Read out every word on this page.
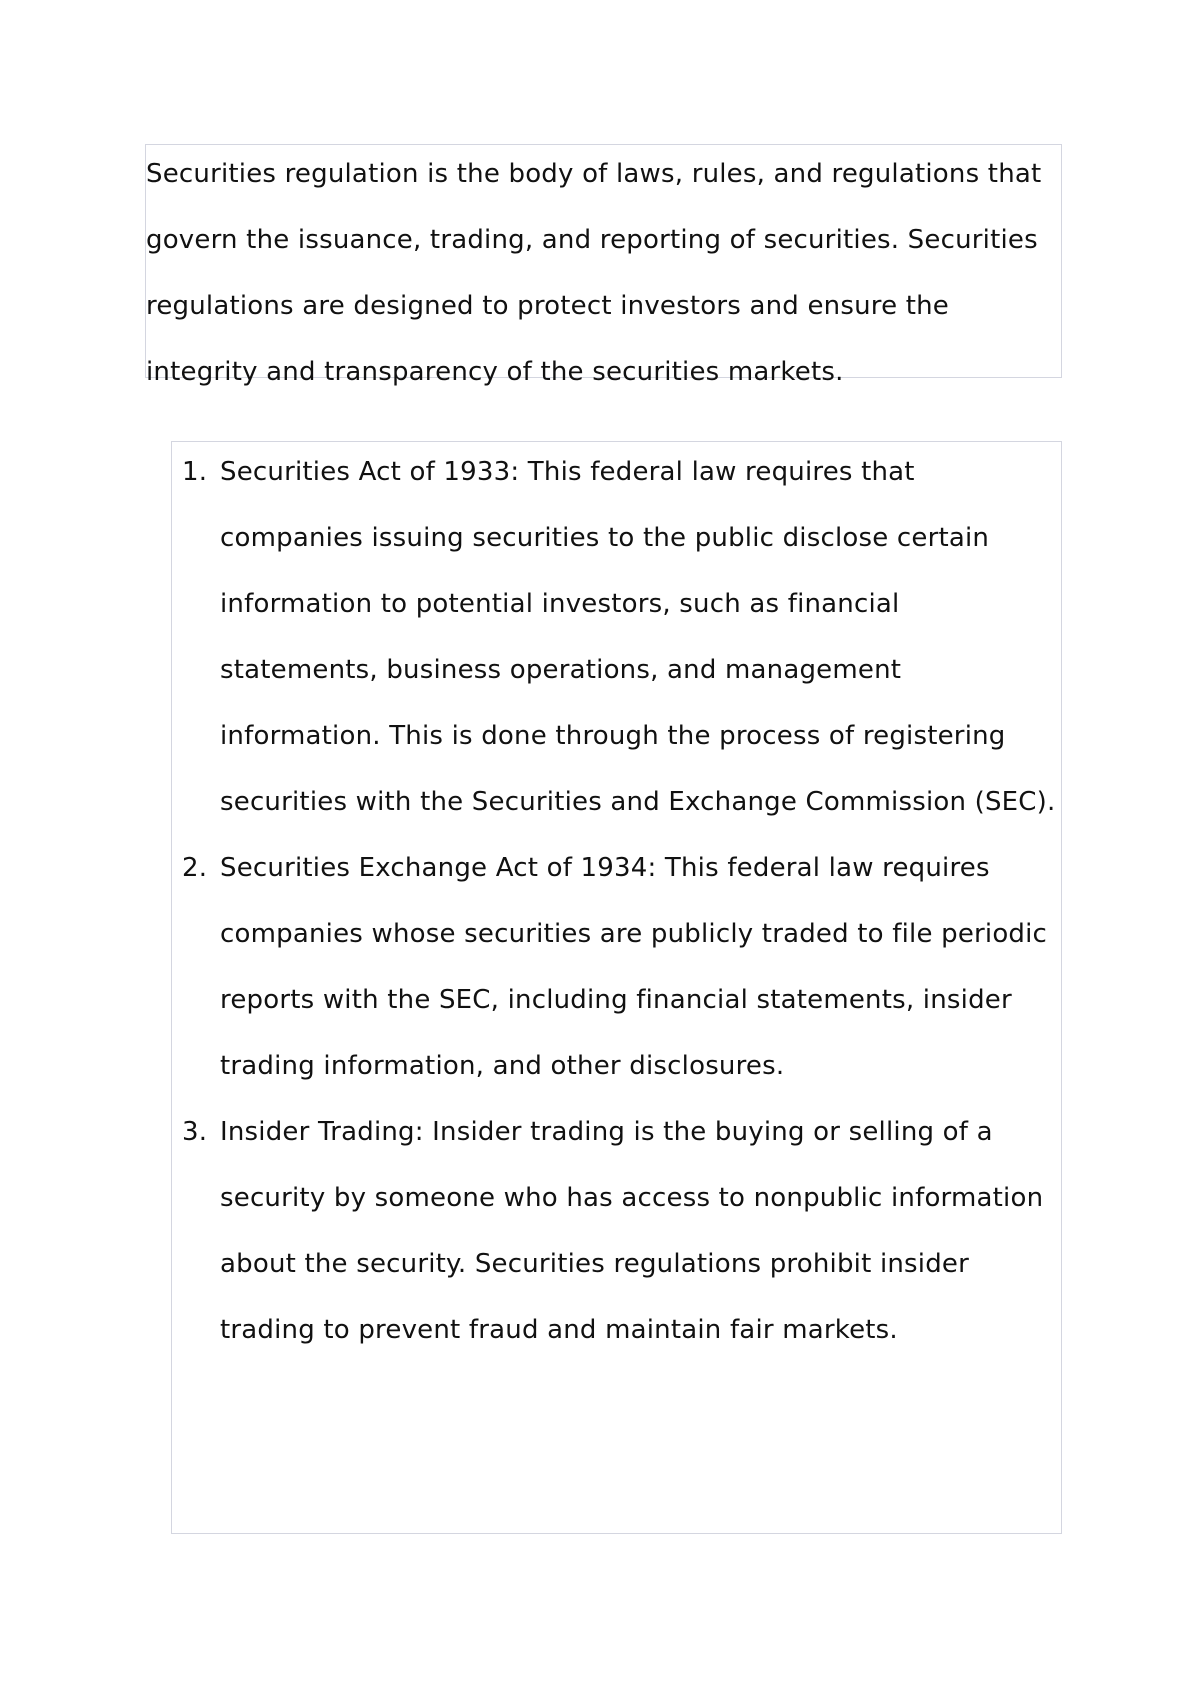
Securities regulation is the body of laws, rules, and regulations that govern the issuance, trading, and reporting of securities. Securities regulations are designed to protect investors and ensure the integrity and transparency of the securities markets.

1. Securities Act of 1933: This federal law requires that companies issuing securities to the public disclose certain information to potential investors, such as financial statements, business operations, and management information. This is done through the process of registering securities with the Securities and Exchange Commission (SEC).
2. Securities Exchange Act of 1934: This federal law requires companies whose securities are publicly traded to file periodic reports with the SEC, including financial statements, insider trading information, and other disclosures.
3. Insider Trading: Insider trading is the buying or selling of a security by someone who has access to nonpublic information about the security. Securities regulations prohibit insider trading to prevent fraud and maintain fair markets.
